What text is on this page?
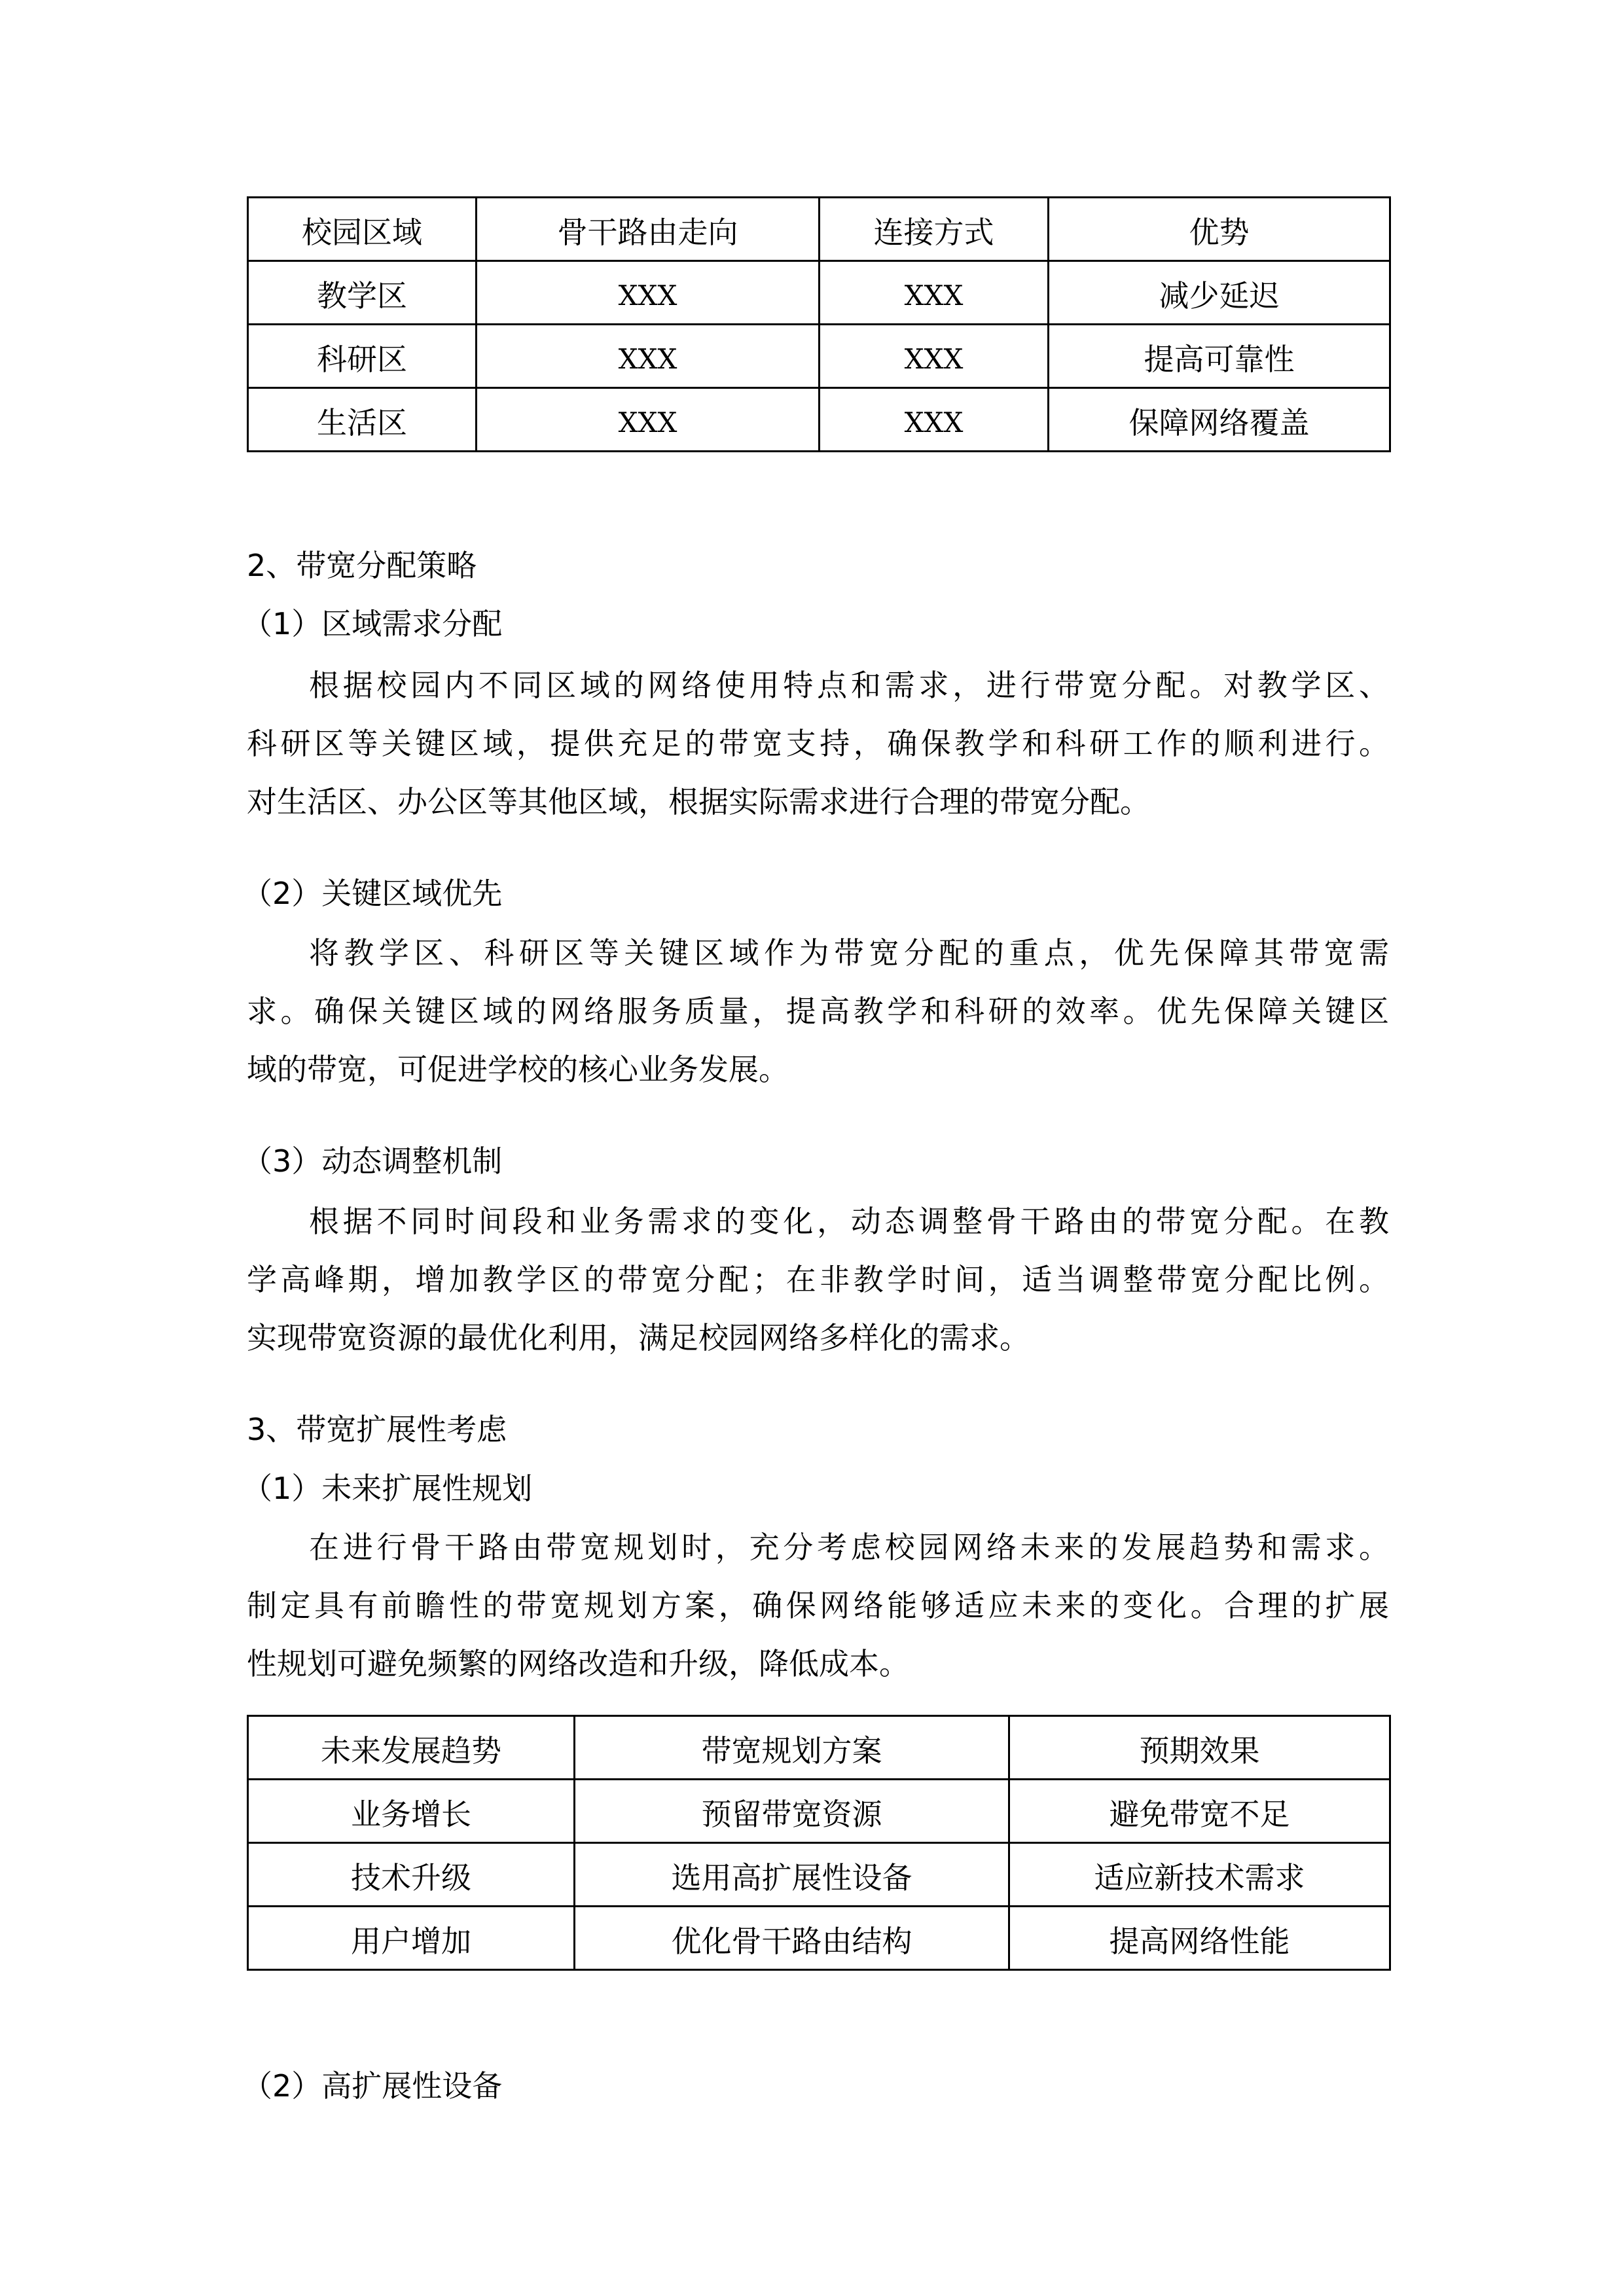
校园区域	骨干路由走向	连接方式	优势
教学区	XXX	XXX	减少延迟
科研区	XXX	XXX	提高可靠性
生活区	XXX	XXX	保障网络覆盖
2、带宽分配策略
（1）区域需求分配
根据校园内不同区域的网络使用特点和需求，进行带宽分配。对教学区、
科研区等关键区域，提供充足的带宽支持，确保教学和科研工作的顺利进行。
对生活区、办公区等其他区域，根据实际需求进行合理的带宽分配。
（2）关键区域优先
将教学区、科研区等关键区域作为带宽分配的重点，优先保障其带宽需
求。确保关键区域的网络服务质量，提高教学和科研的效率。优先保障关键区
域的带宽，可促进学校的核心业务发展。
（3）动态调整机制
根据不同时间段和业务需求的变化，动态调整骨干路由的带宽分配。在教
学高峰期，增加教学区的带宽分配；在非教学时间，适当调整带宽分配比例。
实现带宽资源的最优化利用，满足校园网络多样化的需求。
3、带宽扩展性考虑
（1）未来扩展性规划
在进行骨干路由带宽规划时，充分考虑校园网络未来的发展趋势和需求。
制定具有前瞻性的带宽规划方案，确保网络能够适应未来的变化。合理的扩展
性规划可避免频繁的网络改造和升级，降低成本。
未来发展趋势	带宽规划方案	预期效果
业务增长	预留带宽资源	避免带宽不足
技术升级	选用高扩展性设备	适应新技术需求
用户增加	优化骨干路由结构	提高网络性能
（2）高扩展性设备
